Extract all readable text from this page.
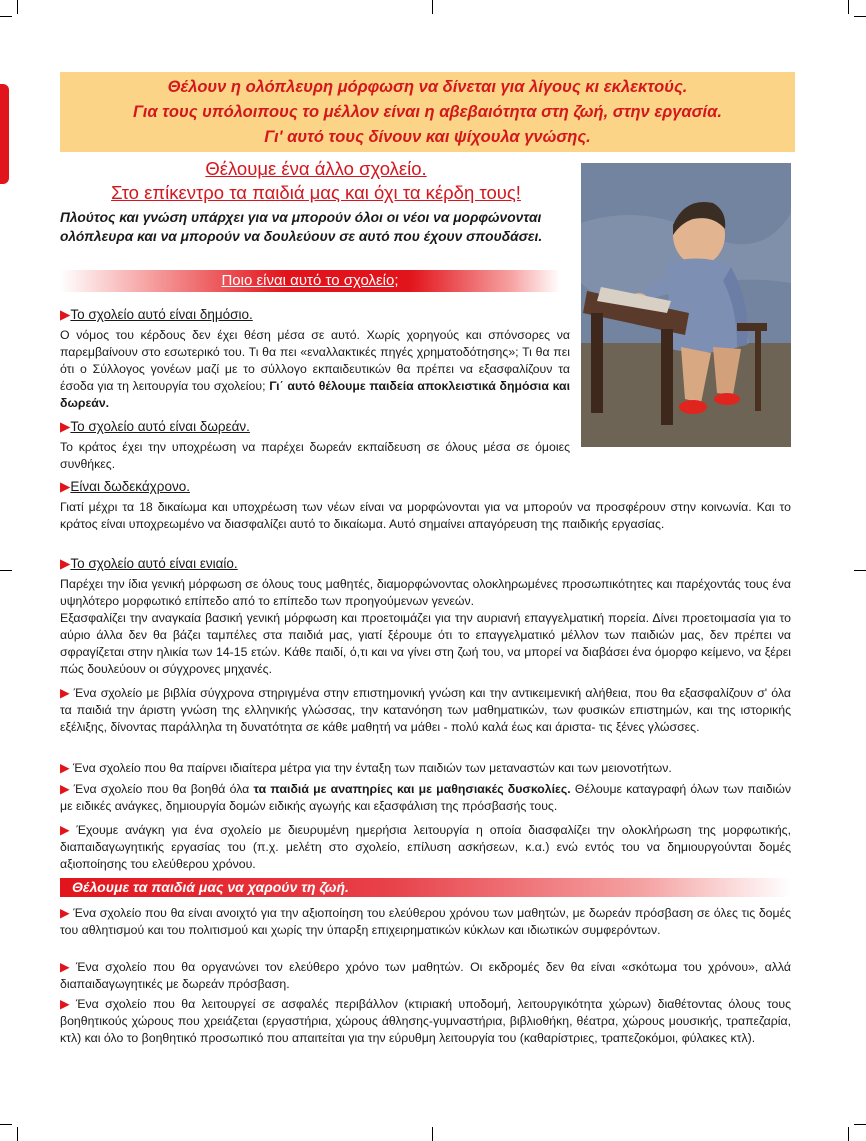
Θέλουν η ολόπλευρη μόρφωση να δίνεται για λίγους κι εκλεκτούς.
Για τους υπόλοιπους το μέλλον είναι η αβεβαιότητα στη ζωή, στην εργασία.
Γι' αυτό τους δίνουν και ψίχουλα γνώσης.
Θέλουμε ένα άλλο σχολείο.
Στο επίκεντρο τα παιδιά μας και όχι τα κέρδη τους!
Πλούτος και γνώση υπάρχει για να μπορούν όλοι οι νέοι να μορφώνονται ολόπλευρα και να μπορούν να δουλεύουν σε αυτό που έχουν σπουδάσει.
Ποιο είναι αυτό το σχολείο;
▶Το σχολείο αυτό είναι δημόσιο.
Ο νόμος του κέρδους δεν έχει θέση μέσα σε αυτό. Χωρίς χορηγούς και σπόνσορες να παρεμβαίνουν στο εσωτερικό του. Τι θα πει «εναλλακτικές πηγές χρηματοδότησης»; Τι θα πει ότι ο Σύλλογος γονέων μαζί με το σύλλογο εκπαιδευτικών θα πρέπει να εξασφαλίζουν τα έσοδα για τη λειτουργία του σχολείου; Γι΄ αυτό θέλουμε παιδεία αποκλειστικά δημόσια και δωρεάν.
▶Το σχολείο αυτό είναι δωρεάν.
Το κράτος έχει την υποχρέωση να παρέχει δωρεάν εκπαίδευση σε όλους μέσα σε όμοιες συνθήκες.
▶Είναι δωδεκάχρονο.
Γιατί μέχρι τα 18 δικαίωμα και υποχρέωση των νέων είναι να μορφώνονται για να μπορούν να προσφέρουν στην κοινωνία. Και το κράτος είναι υποχρεωμένο να διασφαλίζει αυτό το δικαίωμα. Αυτό σημαίνει απαγόρευση της παιδικής εργασίας.
▶Το σχολείο αυτό είναι ενιαίο.
Παρέχει την ίδια γενική μόρφωση σε όλους τους μαθητές, διαμορφώνοντας ολοκληρωμένες προσωπικότητες και παρέχοντάς τους ένα υψηλότερο μορφωτικό επίπεδο από το επίπεδο των προηγούμενων γενεών.
Εξασφαλίζει την αναγκαία βασική γενική μόρφωση και προετοιμάζει για την αυριανή επαγγελματική πορεία. Δίνει προετοιμασία για το αύριο άλλα δεν θα βάζει ταμπέλες στα παιδιά μας, γιατί ξέρουμε ότι το επαγγελματικό μέλλον των παιδιών μας, δεν πρέπει να σφραγίζεται στην ηλικία των 14-15 ετών. Κάθε παιδί, ό,τι και να γίνει στη ζωή του, να μπορεί να διαβάσει ένα όμορφο κείμενο, να ξέρει πώς δουλεύουν οι σύγχρονες μηχανές.
▶ Ένα σχολείο με βιβλία σύγχρονα στηριγμένα στην επιστημονική γνώση και την αντικειμενική αλήθεια, που θα εξασφαλίζουν σ' όλα τα παιδιά την άριστη γνώση της ελληνικής γλώσσας, την κατανόηση των μαθηματικών, των φυσικών επιστημών, και της ιστορικής εξέλιξης, δίνοντας παράλληλα τη δυνατότητα σε κάθε μαθητή να μάθει - πολύ καλά έως και άριστα- τις ξένες γλώσσες.
▶ Ένα σχολείο που θα παίρνει ιδιαίτερα μέτρα για την ένταξη των παιδιών των μεταναστών και των μειονοτήτων.
▶ Ένα σχολείο που θα βοηθά όλα τα παιδιά με αναπηρίες και με μαθησιακές δυσκολίες. Θέλουμε καταγραφή όλων των παιδιών με ειδικές ανάγκες, δημιουργία δομών ειδικής αγωγής και εξασφάλιση της πρόσβασής τους.
▶ Έχουμε ανάγκη για ένα σχολείο με διευρυμένη ημερήσια λειτουργία η οποία διασφαλίζει την ολοκλήρωση της μορφωτικής, διαπαιδαγωγητικής εργασίας του (π.χ. μελέτη στο σχολείο, επίλυση ασκήσεων, κ.α.) ενώ εντός του να δημιουργούνται δομές αξιοποίησης του ελεύθερου χρόνου.
Θέλουμε τα παιδιά μας να χαρούν τη ζωή.
▶ Ένα σχολείο που θα είναι ανοιχτό για την αξιοποίηση του ελεύθερου χρόνου των μαθητών, με δωρεάν πρόσβαση σε όλες τις δομές του αθλητισμού και του πολιτισμού και χωρίς την ύπαρξη επιχειρηματικών κύκλων και ιδιωτικών συμφερόντων.
▶ Ένα σχολείο που θα οργανώνει τον ελεύθερο χρόνο των μαθητών. Οι εκδρομές δεν θα είναι «σκότωμα του χρόνου», αλλά διαπαιδαγωγητικές με δωρεάν πρόσβαση.
▶ Ένα σχολείο που θα λειτουργεί σε ασφαλές περιβάλλον (κτιριακή υποδομή, λειτουργικότητα χώρων) διαθέτοντας όλους τους βοηθητικούς χώρους που χρειάζεται (εργαστήρια, χώρους άθλησης-γυμναστήρια, βιβλιοθήκη, θέατρα, χώρους μουσικής, τραπεζαρία, κτλ) και όλο το βοηθητικό προσωπικό που απαιτείται για την εύρυθμη λειτουργία του (καθαρίστριες, τραπεζοκόμοι, φύλακες κτλ).
